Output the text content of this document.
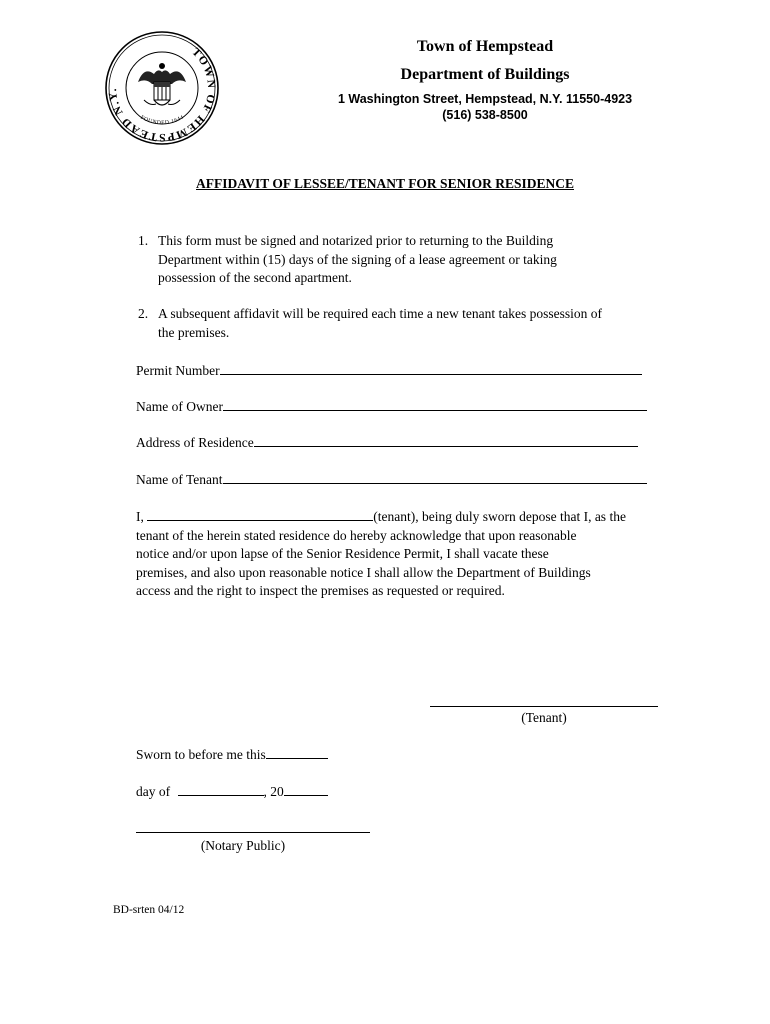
TOWN OF HEMPSTEAD N.Y.
FOUNDED 1644
Town of Hempstead
Department of Buildings
1 Washington Street, Hempstead, N.Y. 11550-4923
(516) 538-8500
AFFIDAVIT OF LESSEE/TENANT FOR SENIOR RESIDENCE
1. This form must be signed and notarized prior to returning to the Building
Department within (15) days of the signing of a lease agreement or taking
possession of the second apartment.
2. A subsequent affidavit will be required each time a new tenant takes possession of
the premises.
Permit Number
Name of Owner
Address of Residence
Name of Tenant
I,	(tenant), being duly sworn depose that I, as the
tenant of the herein stated residence do hereby acknowledge that upon reasonable
notice and/or upon lapse of the Senior Residence Permit, I shall vacate these
premises, and also upon reasonable notice I shall allow the Department of Buildings
access and the right to inspect the premises as requested or required.
(Tenant)
Sworn to before me this
day of	, 20
(Notary Public)
BD-srten 04/12
